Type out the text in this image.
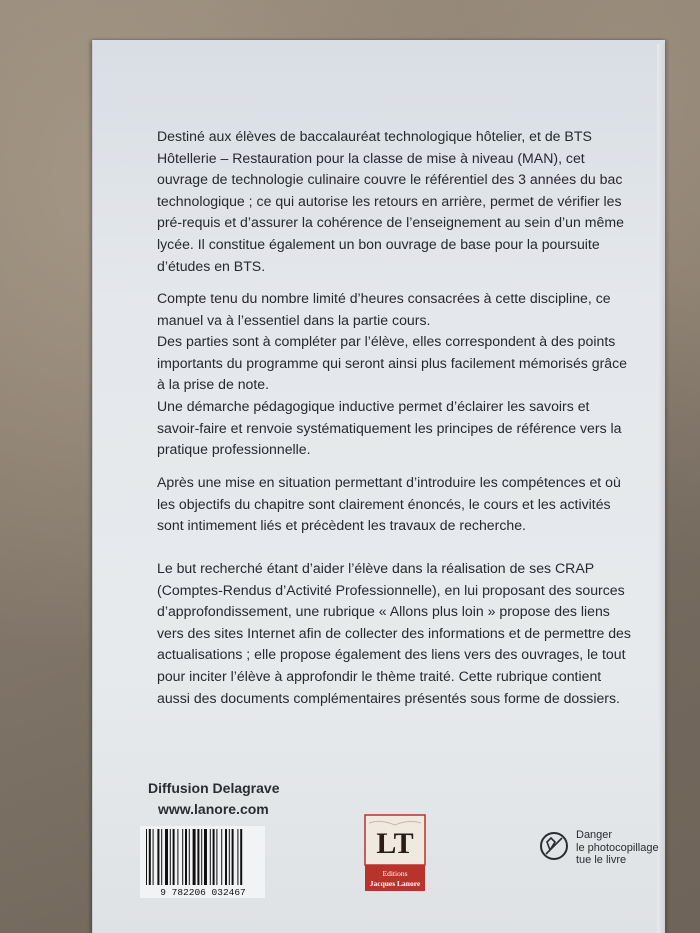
Destiné aux élèves de baccalauréat technologique hôtelier, et de BTS
Hôtellerie – Restauration pour la classe de mise à niveau (MAN), cet
ouvrage de technologie culinaire couvre le référentiel des 3 années du bac
technologique ; ce qui autorise les retours en arrière, permet de vérifier les
pré-requis et d’assurer la cohérence de l’enseignement au sein d’un même
lycée. Il constitue également un bon ouvrage de base pour la poursuite
d’études en BTS.
Compte tenu du nombre limité d’heures consacrées à cette discipline, ce
manuel va à l’essentiel dans la partie cours.
Des parties sont à compléter par l’élève, elles correspondent à des points
importants du programme qui seront ainsi plus facilement mémorisés grâce
à la prise de note.
Une démarche pédagogique inductive permet d’éclairer les savoirs et
savoir-faire et renvoie systématiquement les principes de référence vers la
pratique professionnelle.
Après une mise en situation permettant d’introduire les compétences et où
les objectifs du chapitre sont clairement énoncés, le cours et les activités
sont intimement liés et précèdent les travaux de recherche.
Le but recherché étant d’aider l’élève dans la réalisation de ses CRAP
(Comptes-Rendus d’Activité Professionnelle), en lui proposant des sources
d’approfondissement, une rubrique « Allons plus loin » propose des liens
vers des sites Internet afin de collecter des informations et de permettre des
actualisations ; elle propose également des liens vers des ouvrages, le tout
pour inciter l’élève à approfondir le thème traité. Cette rubrique contient
aussi des documents complémentaires présentés sous forme de dossiers.
Diffusion Delagrave
www.lanore.com
9 782206 032467
LT
Editions
Jacques Lanore
Danger
le photocopillage
tue le livre
